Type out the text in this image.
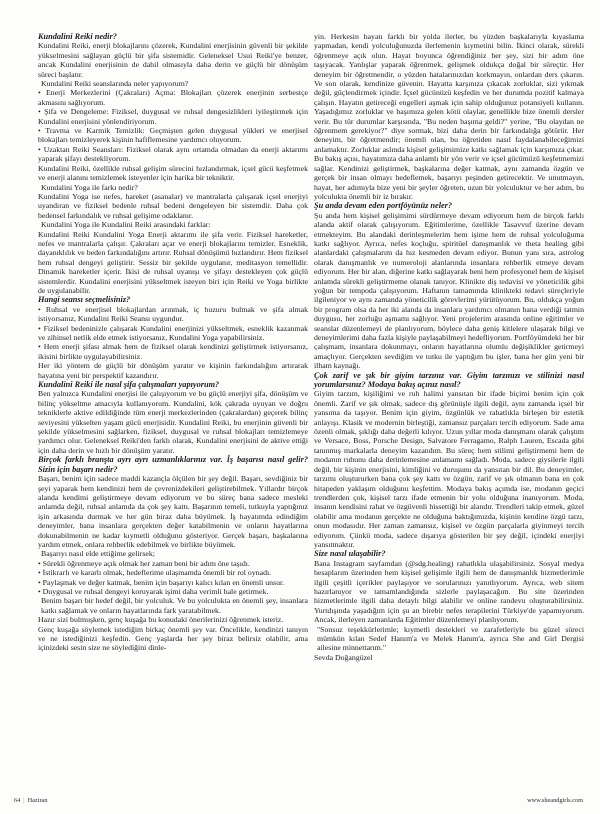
Kundalini Reiki nedir?

Kundalini Reiki, enerji blokajlarını çözerek, Kundalini enerjisinin güvenli bir şekilde yükselmesini sağlayan güçlü bir şifa sistemidir. Geleneksel Usui Reiki'ye benzer, ancak Kundalini enerjisinin de dahil olmasıyla daha derin ve güçlü bir dönüşüm süreci başlatır.

Kundalini Reiki seanslarında neler yapıyorum?

• Enerji Merkezlerini (Çakraları) Açma: Blokajları çözerek enerjinin serbestçe akmasını sağlıyorum.

• Şifa ve Dengeleme: Fiziksel, duygusal ve ruhsal dengesizlikleri iyileştirmek için Kundalini enerjisini yönlendiriyorum.

• Travma ve Karmik Temizlik: Geçmişten gelen duygusal yükleri ve enerjisel blokajları temizleyerek kişinin hafiflemesine yardımcı oluyorum.

• Uzaktan Reiki Seansları: Fiziksel olarak aynı ortamda olmadan da enerji aktarımı yaparak şifayı destekliyorum.

Kundalini Reiki, özellikle ruhsal gelişim sürecini hızlandırmak, içsel gücü keşfetmek ve enerji alanını temizlemek isteyenler için harika bir tekniktir.

Kundalini Yoga ile farkı nedir?

Kundalini Yoga ise nefes, hareket (asanalar) ve mantralarla çalışarak içsel enerjiyi uyandıran ve fiziksel bedenle ruhsal bedeni dengeleyen bir sistemdir. Daha çok bedensel farkındalık ve ruhsal gelişime odaklanır.

Kundalini Yoga ile Kundalini Reiki arasındaki farklar:

Kundalini Reiki Kundalini Yoga Enerji aktarımı ile şifa verir. Fiziksel hareketler, nefes ve mantralarla çalışır. Çakraları açar ve enerji blokajlarını temizler. Esneklik, dayanıklılık ve beden farkındalığını artırır. Ruhsal dönüşümü hızlandırır. Hem fiziksel hem ruhsal dengeyi geliştirir. Sessiz bir şekilde uygulanır, meditasyon temellidir. Dinamik hareketler içerir. İkisi de ruhsal uyanışı ve şifayı destekleyen çok güçlü sistemlerdir. Kundalini enerjisini yükseltmek isteyen biri için Reiki ve Yoga birlikte de uygulanabilir.

Hangi seansı seçmelisiniz?

• Ruhsal ve enerjisel blokajlardan arınmak, iç huzuru bulmak ve şifa almak istiyorsanız, Kundalini Reiki Seansı uygundur.

• Fiziksel bedeninizle çalışarak Kundalini enerjinizi yükseltmek, esneklik kazanmak ve zihinsel netlik elde etmek istiyorsanız, Kundalini Yoga yapabilirsiniz.

• Hem enerji şifası almak hem de fiziksel olarak kendinizi geliştirmek istiyorsanız, ikisini birlikte uygulayabilirsiniz.

Her iki yöntem de güçlü bir dönüşüm yaratır ve kişinin farkındalığını artırarak hayatına yeni bir perspektif kazandırır.

Kundalini Reiki ile nasıl şifa çalışmaları yapıyorum?

Ben yalnızca Kundalini enerjisi ile çalışıyorum ve bu güçlü enerjiyi şifa, dönüşüm ve bilinç yükseltme amacıyla kullanıyorum. Kundalini, kök çakrada uyuyan ve doğru tekniklerle aktive edildiğinde tüm enerji merkezlerinden (çakralardan) geçerek bilinç seviyesini yükselten yaşam gücü enerjisidir. Kundalini Reiki, bu enerjinin güvenli bir şekilde yükselmesini sağlarken, fiziksel, duygusal ve ruhsal blokajları temizlemeye yardımcı olur. Geleneksel Reiki'den farklı olarak, Kundalini enerjisini de aktive ettiği için daha derin ve hızlı bir dönüşüm yaratır.

Birçok farklı branşta ayrı ayrı uzmanlıklarınız var. İş başarısı nasıl gelir? Sizin için başarı nedir?

Başarı, benim için sadece maddi kazançla ölçülen bir şey değil. Başarı, sevdiğiniz bir şeyi yaparak hem kendinizi hem de çevrenizdekileri geliştirebilmek. Yıllardır birçok alanda kendimi geliştirmeye devam ediyorum ve bu süreç bana sadece mesleki anlamda değil, ruhsal anlamda da çok şey kattı. Başarının temeli, tutkuyla yaptığınız işin arkasında durmak ve her gün biraz daha büyümek. İş hayatımda edindiğim deneyimler, bana insanlara gerçekten değer katabilmenin ve onların hayatlarına dokunabilmenin ne kadar kıymetli olduğunu gösteriyor. Gerçek başarı, başkalarına yardım etmek, onlara rehberlik edebilmek ve birlikte büyümek.

Başarıyı nasıl elde ettiğime gelirsek;

• Sürekli öğrenmeye açık olmak her zaman beni bir adım öne taşıdı.

• İstikrarlı ve kararlı olmak, hedeflerime ulaşmamda önemli bir rol oynadı.

• Paylaşmak ve değer katmak, benim için başarıyı kalıcı kılan en önemli unsur.

• Duygusal ve ruhsal dengeyi koruyarak işimi daha verimli hale getirmek.

Benim başarı bir hedef değil, bir yolculuk. Ve bu yolculukta en önemli şey, insanlara katkı sağlamak ve onların hayatlarında fark yaratabilmek.

Hazır sizi bulmuşken, genç kuşağa bu konudaki önerilerinizi öğrenmek isteriz.

Genç kuşağa söylemek istediğim birkaç önemli şey var. Öncelikle, kendinizi tanıyın ve ne istediğinizi keşfedin. Genç yaşlarda her şey biraz belirsiz olabilir, ama içinizdeki sesin size ne söylediğini dinle-

yin. Herkesin hayatı farklı bir yolda ilerler, bu yüzden başkalarıyla kıyaslama yapmadan, kendi yolculuğunuzda ilerlemenin kıymetini bilin. İkinci olarak, sürekli öğrenmeye açık olun. Hayat boyunca öğrendiğiniz her şey, sizi bir adım öne taşıyacak. Yanlışlar yaparak öğrenmek, gelişmek oldukça doğal bir süreçtir. Her deneyim bir öğretmendir, o yüzden hatalarınızdan korkmayın, onlardan ders çıkarın. Ve son olarak, kendinize güvenin. Hayatta karşınıza çıkacak zorluklar, sizi yıkmak değil, güçlendirmek içindir. İçsel gücünüzü keşfedin ve her durumda pozitif kalmaya çalışın. Hayatın getireceği engelleri aşmak için sahip olduğunuz potansiyeli kullanın. Yaşadığımız zorluklar ve başımıza gelen kötü olaylar, genellikle bize önemli dersler verir. Bu tür durumlar karşısında, "Bu neden başıma geldi?" yerine, "Bu olaydan ne öğrenmem gerekiyor?" diye sormak, bizi daha derin bir farkındalığa götürür. Her deneyim, bir öğretmendir; önemli olan, bu öğretiden nasıl faydalanabileceğimizi anlamaktır. Zorluklar aslında kişisel gelişimimize katkı sağlamak için karşımıza çıkar. Bu bakış açısı, hayatımıza daha anlamlı bir yön verir ve içsel gücümüzü keşfetmemizi sağlar. Kendinizi geliştirmek, başkalarına değer katmak, aynı zamanda özgün ve gerçek bir insan olmayı hedeflemek, başarıyı peşinden getirecektir. Ve unutmayın, hayat, her adımıyla bize yeni bir şeyler öğreten, uzun bir yolculuktur ve her adım, bu yolculukta önemli bir iz bırakır.

Şu anda devam eden portföyünüz neler?

Şu anda hem kişisel gelişimimi sürdürmeye devam ediyorum hem de birçok farklı alanda aktif olarak çalışıyorum. Eğitimlerime, özellikle Tasavvuf üzerine devam etmekteyim. Bu alandaki derinleşmelerim hem işime hem de ruhsal yolculuğuma katkı sağlıyor. Ayrıca, nefes koçluğu, spiritüel danışmanlık ve theta healing gibi alanlardaki çalışmalarım da hız kesmeden devam ediyor. Bunun yanı sıra, astrolog olarak danışmanlık ve numeroloji alanlarında insanlara rehberlik etmeye devam ediyorum. Her bir alan, diğerine katkı sağlayarak beni hem profesyonel hem de kişisel anlamda sürekli geliştirmeme olanak tanıyor. Klinikte diş tedavisi ve yöneticilik gibi yoğun bir tempoda çalışıyorum. Haftanın tamamında klinikteki tedavi süreçleriyle ilgileniyor ve aynı zamanda yöneticilik görevlerimi yürütüyorum. Bu, oldukça yoğun bir program olsa da her iki alanda da insanlara yardımcı olmanın bana verdiği tatmin duygusu, her zorluğu aşmamı sağlıyor. Yeni projelerim arasında online eğitimler ve seanslar düzenlemeyi de planlıyorum, böylece daha geniş kitlelere ulaşarak bilgi ve deneyimlerimi daha fazla kişiyle paylaşabilmeyi hedefliyorum. Portföyümdeki her bir çalışmam, insanlara dokunmayı, onların hayatlarına olumlu değişiklikler getirmeyi amaçlıyor. Gerçekten sevdiğim ve tutku ile yaptığım bu işler, bana her gün yeni bir ilham kaynağı.

Çok zarif ve şık bir giyim tarzınız var. Giyim tarzınızı ve stilinizi nasıl yorumlarsınız? Modaya bakış açınız nasıl?

Giyim tarzım, kişiliğimi ve ruh halimi yansıtan bir ifade biçimi benim için çok önemli. Zarif ve şık olmak, sadece dış görünüşle ilgili değil, aynı zamanda içsel bir yansıma da taşıyor. Benim için giyim, özgünlük ve rahatlıkla birleşen bir estetik anlayışı. Klasik ve modernin birleştiği, zamansız parçaları tercih ediyorum. Sade ama özenli olmak, şıklığı daha değerli kılıyor. Uzun yıllar moda danışmanı olarak çalıştım ve Versace, Boss, Porsche Design, Salvatore Ferragamo, Ralph Lauren, Escada gibi tanınmış markalarla deneyim kazandım. Bu süreç hem stilimi geliştirmemi hem de modanın ruhunu daha derinlemesine anlamamı sağladı. Moda, sadece giysilerle ilgili değil, bir kişinin enerjisini, kimliğini ve duruşunu da yansıtan bir dil. Bu deneyimler, tarzımı oluştururken bana çok şey kattı ve özgün, zarif ve şık olmanın bana en çok hitapeden yaklaşım olduğunu keşfettim. Modaya bakış açımda ise, modanın geçici trendlerden çok, kişisel tarzı ifade etmenin bir yolu olduğuna inanıyorum. Moda, insanın kendisini rahat ve özgüvenli hissettiği bir alandır. Trendleri takip etmek, güzel olabilir ama modanın gerçekte ne olduğuna baktığımızda, kişinin kendine özgü tarzı, onun modasıdır. Her zaman zamansız, kişisel ve özgün parçalarla giyinmeyi tercih ediyorum. Çünkü moda, sadece dışarıya gösterilen bir şey değil, içindeki enerjiyi yansıtmaktır.

Size nasıl ulaşabilir?

Bana Instagram sayfamdan (@sdg.healing) rahatlıkla ulaşabilirsiniz. Sosyal medya hesaplarım üzerinden hem kişisel gelişimle ilgili hem de danışmanlık hizmetlerimle ilgili çeşitli içerikler paylaşıyor ve sorularınızı yanıtlıyorum. Ayrıca, web sitem hazırlanıyor ve tamamlandığında sizlerle paylaşacağım. Bu site üzerinden hizmetlerimle ilgili daha detaylı bilgi alabilir ve online randevu oluşturabilirsiniz. Yurtdışında yaşadığım için şu an birebir nefes terapilerini Türkiye'de yapamıyorum. Ancak, ilerleyen zamanlarda Eğitimler düzenlemeyi planlıyorum.

"Sonsuz teşekkürlerimle; kıymetli destekleri ve zarafetleriyle bu güzel süreci mümkün kılan Sedef Hanım'a ve Melek Hanım'a, ayrıca She and Girl Dergisi ailesine minnettarım."

Sevda Doğangüzel

64 | Haziran	www.sheandgirls.com
